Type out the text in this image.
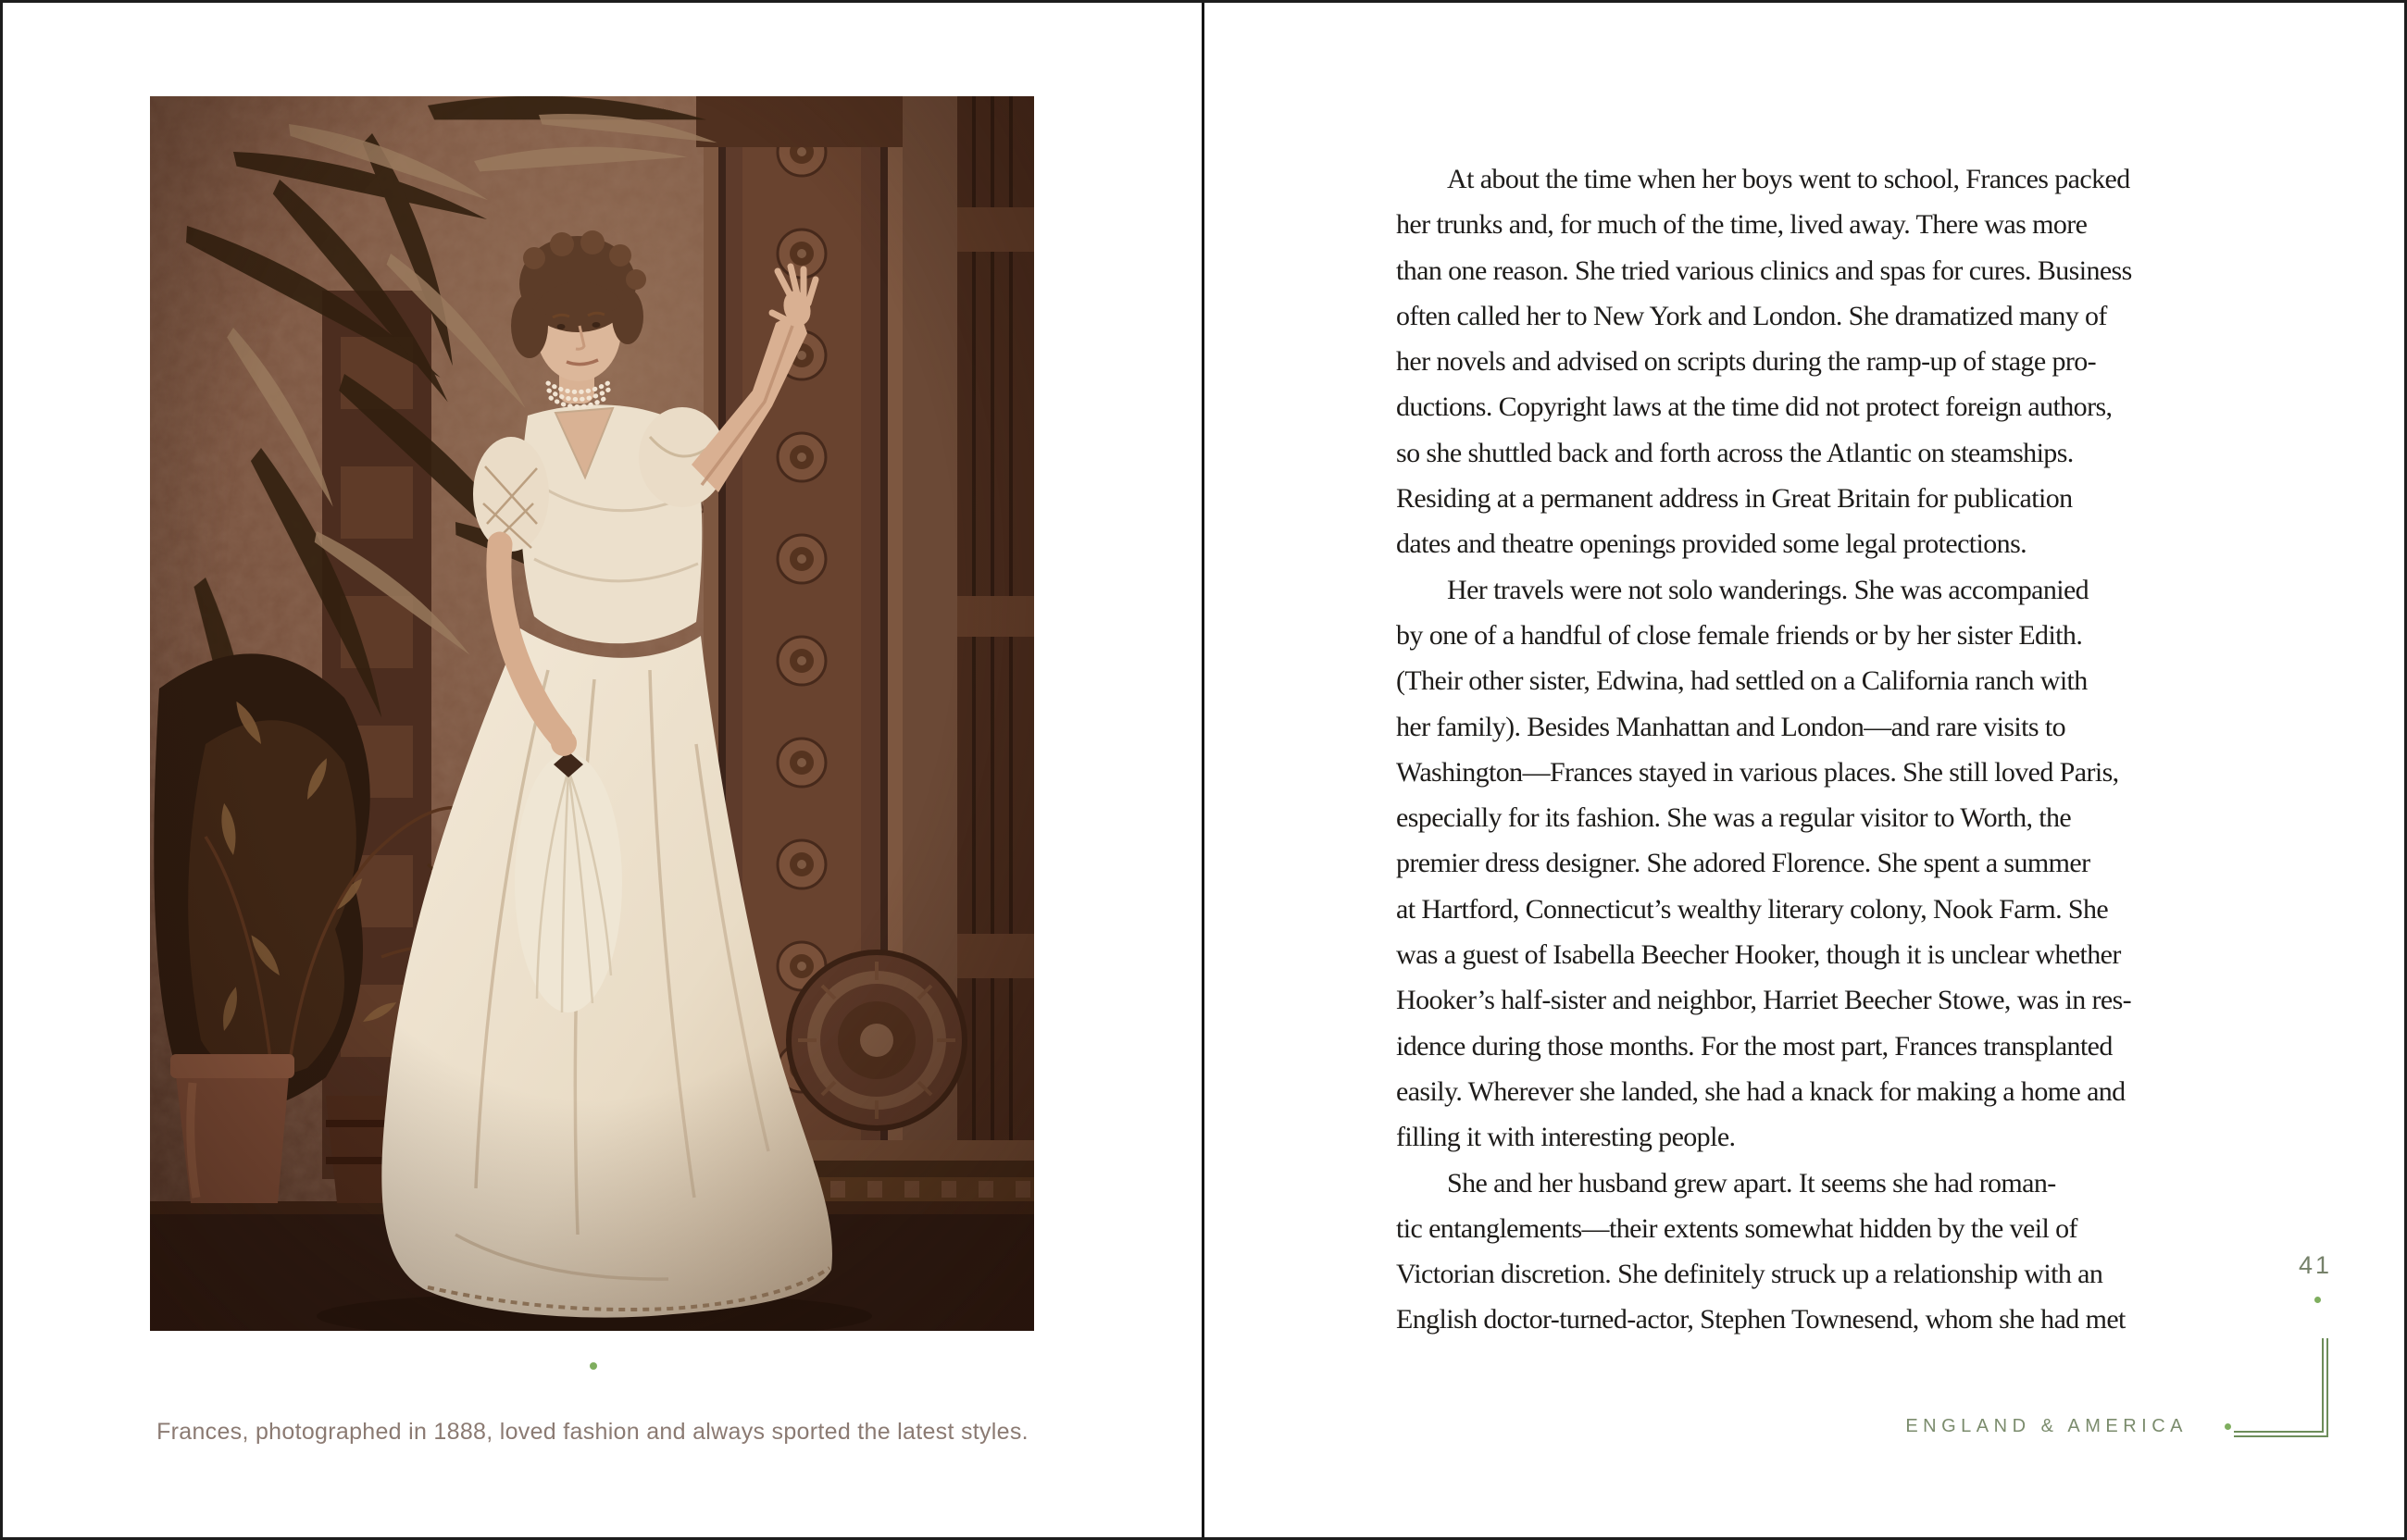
Frances, photographed in 1888, loved fashion and always sported the latest styles.

At about the time when her boys went to school, Frances packed
her trunks and, for much of the time, lived away. There was more
than one reason. She tried various clinics and spas for cures. Business
often called her to New York and London. She dramatized many of
her novels and advised on scripts during the ramp-up of stage pro-
ductions. Copyright laws at the time did not protect foreign authors,
so she shuttled back and forth across the Atlantic on steamships.
Residing at a permanent address in Great Britain for publication
dates and theatre openings provided some legal protections.
Her travels were not solo wanderings. She was accompanied
by one of a handful of close female friends or by her sister Edith.
(Their other sister, Edwina, had settled on a California ranch with
her family). Besides Manhattan and London—and rare visits to
Washington—Frances stayed in various places. She still loved Paris,
especially for its fashion. She was a regular visitor to Worth, the
premier dress designer. She adored Florence. She spent a summer
at Hartford, Connecticut’s wealthy literary colony, Nook Farm. She
was a guest of Isabella Beecher Hooker, though it is unclear whether
Hooker’s half-sister and neighbor, Harriet Beecher Stowe, was in res-
idence during those months. For the most part, Frances transplanted
easily. Wherever she landed, she had a knack for making a home and
filling it with interesting people.
She and her husband grew apart. It seems she had roman-
tic entanglements—their extents somewhat hidden by the veil of
Victorian discretion. She definitely struck up a relationship with an
English doctor-turned-actor, Stephen Townesend, whom she had met
41
ENGLAND & AMERICA
